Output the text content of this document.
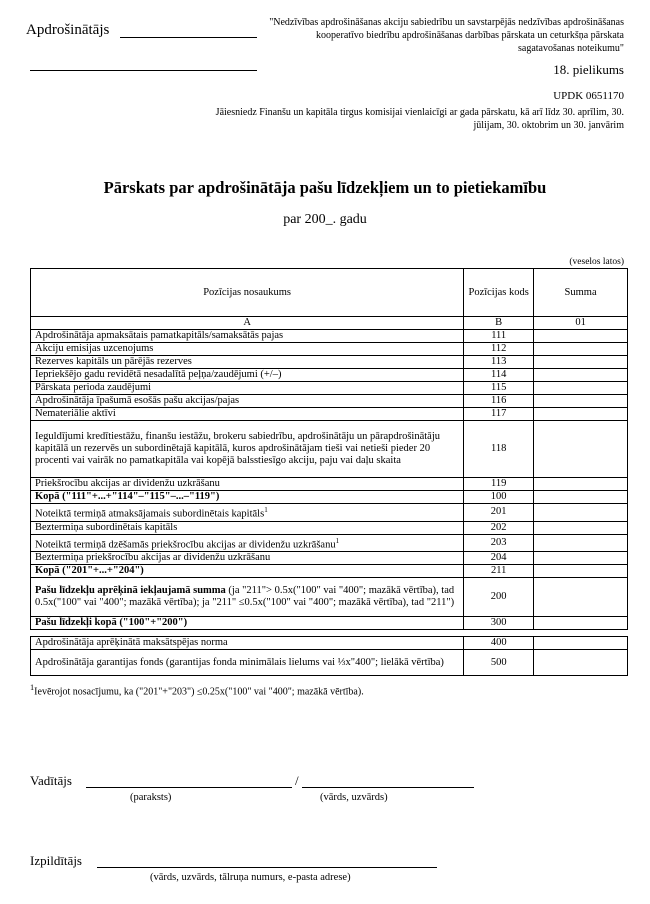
Apdrošinātājs	"Nedzīvības apdrošināšanas akciju sabiedrību un savstarpējās nedzīvības apdrošināšanas kooperatīvo biedrību apdrošināšanas darbības pārskata un ceturkšņa pārskata sagatavošanas noteikumu"
18. pielikums
UPDK 0651170
Jāiesniedz Finanšu un kapitāla tirgus komisijai vienlaicīgi ar gada pārskatu, kā arī līdz 30. aprīlim, 30. jūlijam, 30. oktobrim un 30. janvārim
Pārskats par apdrošinātāja pašu līdzekļiem un to pietiekamību
par 200_. gadu
(veselos latos)
Pozīcijas nosaukums	Pozīcijas kods	Summa
A	B	01
Apdrošinātāja apmaksātais pamatkapitāls/samaksātās pajas	111	
Akciju emisijas uzcenojums	112	
Rezerves kapitāls un pārējās rezerves	113	
Iepriekšējo gadu revidētā nesadalītā peļņa/zaudējumi (+/–)	114	
Pārskata perioda zaudējumi	115	
Apdrošinātāja īpašumā esošās pašu akcijas/pajas	116	
Nemateriālie aktīvi	117	
Ieguldījumi kredītiestāžu, finanšu iestāžu, brokeru sabiedrību, apdrošinātāju un pārapdrošinātāju kapitālā un rezervēs un subordinētajā kapitālā, kuros apdrošinātājam tieši vai netieši pieder 20 procenti vai vairāk no pamatkapitāla vai kopējā balsstiesīgo akciju, paju vai daļu skaita	118	
Priekšrocību akcijas ar dividenžu uzkrāšanu	119	
Kopā ("111"+...+"114"–"115"–...–"119")	100	
Noteiktā termiņā atmaksājamais subordinētais kapitāls$^1$	201	
Beztermiņa subordinētais kapitāls	202	
Noteiktā termiņā dzēšamās priekšrocību akcijas ar dividenžu uzkrāšanu$^1$	203	
Beztermiņa priekšrocību akcijas ar dividenžu uzkrāšanu	204	
Kopā ("201"+...+"204")	211	
Pašu līdzekļu aprēķinā iekļaujamā summa (ja "211"> 0.5x("100" vai "400"; mazākā vērtība), tad 0.5x("100" vai "400"; mazākā vērtība); ja "211" ≤0.5x("100" vai "400"; mazākā vērtība), tad "211")	200	
Pašu līdzekļi kopā ("100"+"200")	300	
Apdrošinātāja aprēķinātā maksātspējas norma	400	
Apdrošinātāja garantijas fonds (garantijas fonda minimālais lielums vai ⅓x"400"; lielākā vērtība)	500	
$^1$Ievērojot nosacījumu, ka ("201"+"203") ≤0.25x("100" vai "400"; mazākā vērtība).
Vadītājs	/
(paraksts)	(vārds, uzvārds)
Izpildītājs
(vārds, uzvārds, tālruņa numurs, e-pasta adrese)
